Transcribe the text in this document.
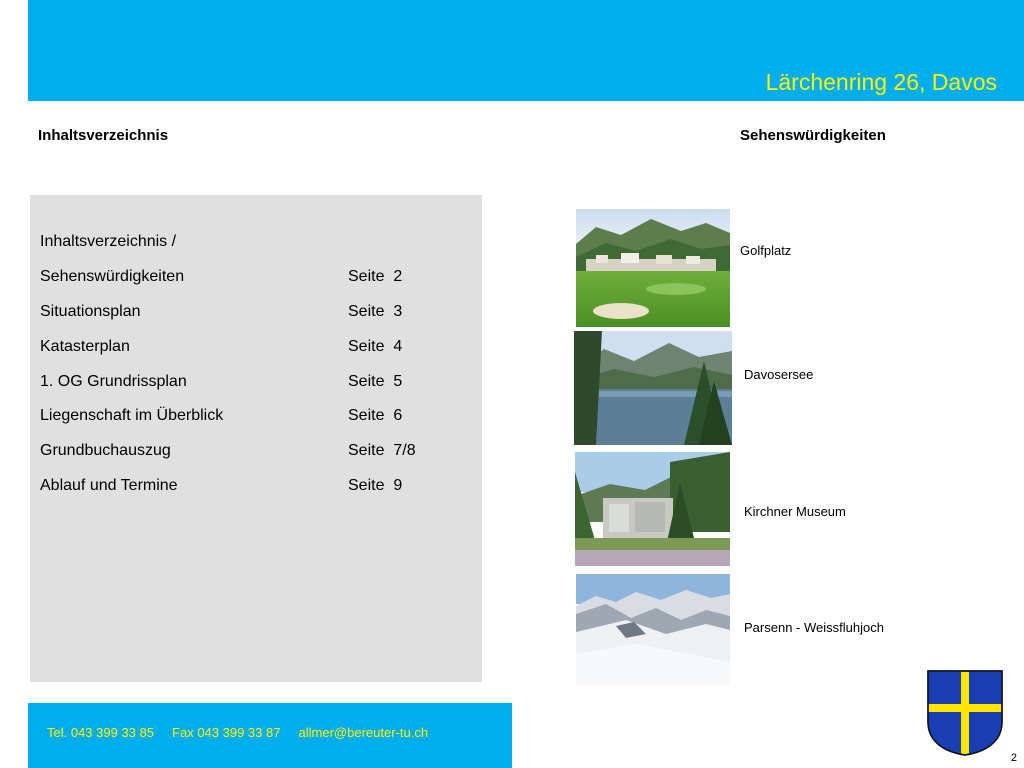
Lärchenring 26, Davos
Inhaltsverzeichnis	Sehenswürdigkeiten
Inhaltsverzeichnis /
Sehenswürdigkeiten	Seite  2
Situationsplan	Seite  3
Katasterplan	Seite  4
1. OG Grundrissplan	Seite  5
Liegenschaft im Überblick	Seite  6
Grundbuchauszug	Seite  7/8
Ablauf und Termine	Seite  9
Golfplatz
Davosersee
Kirchner Museum
Parsenn - Weissfluhjoch
Tel. 043 399 33 85 Fax 043 399 33 87 allmer@bereuter-tu.ch
2
